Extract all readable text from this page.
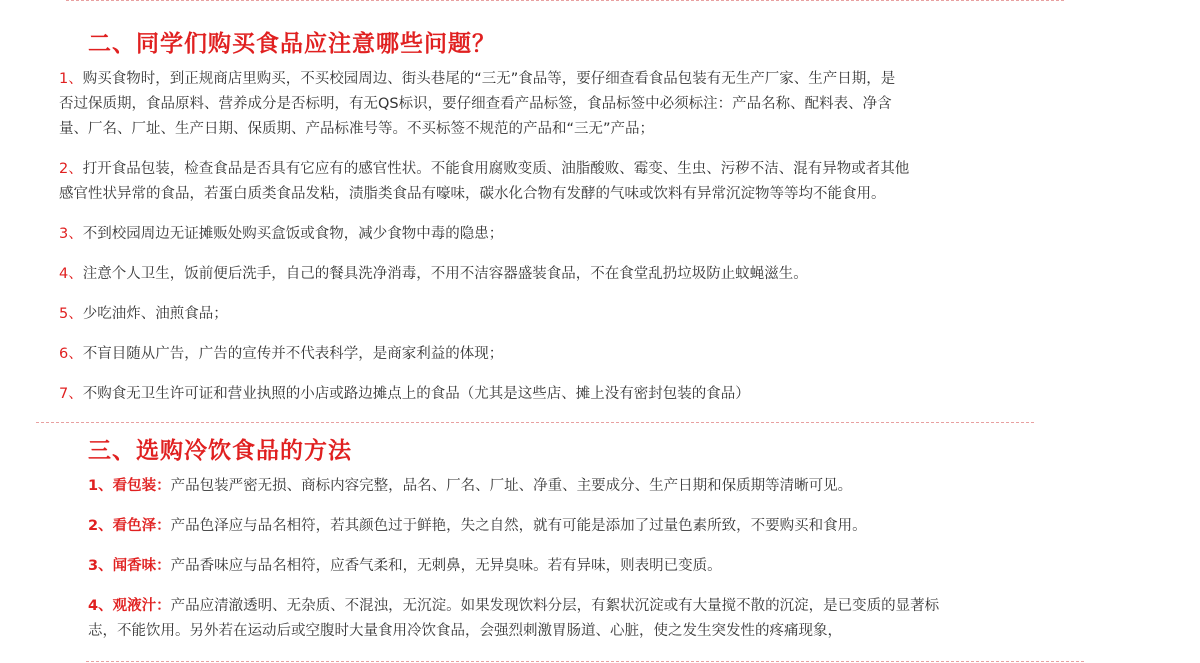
二、同学们购买食品应注意哪些问题？

1、购买食物时，到正规商店里购买，不买校园周边、街头巷尾的“三无”食品等，要仔细查看食品包装有无生产厂家、生产日期，是
否过保质期，食品原料、营养成分是否标明，有无QS标识，要仔细查看产品标签，食品标签中必须标注：产品名称、配料表、净含
量、厂名、厂址、生产日期、保质期、产品标准号等。不买标签不规范的产品和“三无”产品；

2、打开食品包装，检查食品是否具有它应有的感官性状。不能食用腐败变质、油脂酸败、霉变、生虫、污秽不洁、混有异物或者其他
感官性状异常的食品，若蛋白质类食品发粘，渍脂类食品有嚎味，碳水化合物有发酵的气味或饮料有异常沉淀物等等均不能食用。

3、不到校园周边无证摊贩处购买盒饭或食物，减少食物中毒的隐患；

4、注意个人卫生，饭前便后洗手，自己的餐具洗净消毒，不用不洁容器盛装食品，不在食堂乱扔垃圾防止蚊蝇滋生。

5、少吃油炸、油煎食品；

6、不盲目随从广告，广告的宣传并不代表科学，是商家利益的体现；

7、不购食无卫生许可证和营业执照的小店或路边摊点上的食品（尤其是这些店、摊上没有密封包装的食品）

三、选购冷饮食品的方法

1、看包装：产品包装严密无损、商标内容完整，品名、厂名、厂址、净重、主要成分、生产日期和保质期等清晰可见。

2、看色泽：产品色泽应与品名相符，若其颜色过于鲜艳，失之自然，就有可能是添加了过量色素所致，不要购买和食用。

3、闻香味：产品香味应与品名相符，应香气柔和，无刺鼻，无异臭味。若有异味，则表明已变质。

4、观液汁：产品应清澈透明、无杂质、不混浊，无沉淀。如果发现饮料分层，有絮状沉淀或有大量搅不散的沉淀，是已变质的显著标
志，不能饮用。另外若在运动后或空腹时大量食用冷饮食品，会强烈刺激胃肠道、心脏，使之发生突发性的疼痛现象，
